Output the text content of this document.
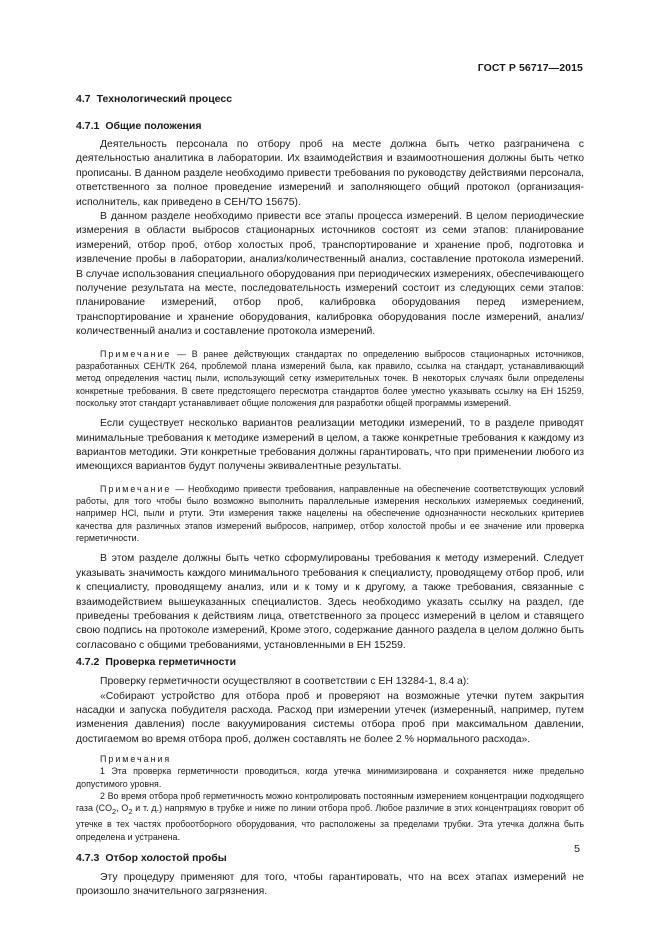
ГОСТ Р 56717—2015
4.7 Технологический процесс
4.7.1 Общие положения

Деятельность персонала по отбору проб на месте должна быть четко разграничена с деятельностью аналитика в лаборатории. Их взаимодействия и взаимоотношения должны быть четко прописаны. В данном разделе необходимо привести требования по руководству действиями персонала, ответственного за полное проведение измерений и заполняющего общий протокол (организация-исполнитель, как приведено в СЕН/ТО 15675).

В данном разделе необходимо привести все этапы процесса измерений. В целом периодические измерения в области выбросов стационарных источников состоят из семи этапов: планирование измерений, отбор проб, отбор холостых проб, транспортирование и хранение проб, подготовка и извлечение пробы в лаборатории, анализ/количественный анализ, составление протокола измерений. В случае использования специального оборудования при периодических измерениях, обеспечивающего получение результата на месте, последовательность измерений состоит из следующих семи этапов: планирование измерений, отбор проб, калибровка оборудования перед измерением, транспортирование и хранение оборудования, калибровка оборудования после измерений, анализ/количественный анализ и составление протокола измерений.

Примечание — В ранее действующих стандартах по определению выбросов стационарных источников, разработанных СЕН/ТК 264, проблемой плана измерений была, как правило, ссылка на стандарт, устанавливающий метод определения частиц пыли, использующий сетку измерительных точек. В некоторых случаях были определены конкретные требования. В свете предстоящего пересмотра стандартов более уместно указывать ссылку на ЕН 15259, поскольку этот стандарт устанавливает общие положения для разработки общей программы измерений.

Если существует несколько вариантов реализации методики измерений, то в разделе приводят минимальные требования к методике измерений в целом, а также конкретные требования к каждому из вариантов методики. Эти конкретные требования должны гарантировать, что при применении любого из имеющихся вариантов будут получены эквивалентные результаты.

Примечание — Необходимо привести требования, направленные на обеспечение соответствующих условий работы, для того чтобы было возможно выполнить параллельные измерения нескольких измеряемых соединений, например HCl, пыли и ртути. Эти измерения также нацелены на обеспечение однозначности нескольких критериев качества для различных этапов измерений выбросов, например, отбор холостой пробы и ее значение или проверка герметичности.

В этом разделе должны быть четко сформулированы требования к методу измерений. Следует указывать значимость каждого минимального требования к специалисту, проводящему отбор проб, или к специалисту, проводящему анализ, или и к тому и к другому, а также требования, связанные с взаимодействием вышеуказанных специалистов. Здесь необходимо указать ссылку на раздел, где приведены требования к действиям лица, ответственного за процесс измерений в целом и ставящего свою подпись на протоколе измерений, Кроме этого, содержание данного раздела в целом должно быть согласовано с общими требованиями, установленными в ЕН 15259.

4.7.2 Проверка герметичности

Проверку герметичности осуществляют в соответствии с ЕН 13284-1, 8.4 а):

«Собирают устройство для отбора проб и проверяют на возможные утечки путем закрытия насадки и запуска побудителя расхода. Расход при измерении утечек (измеренный, например, путем изменения давления) после вакуумирования системы отбора проб при максимальном давлении, достигаемом во время отбора проб, должен составлять не более 2 % нормального расхода».

Примечания

1 Эта проверка герметичности проводиться, когда утечка минимизирована и сохраняется ниже предельно допустимого уровня.

2 Во время отбора проб герметичность можно контролировать постоянным измерением концентрации подходящего газа ($CO_2$, $O_2$ и т. д.) напрямую в трубке и ниже по линии отбора проб. Любое различие в этих концентрациях говорит об утечке в тех частях пробоотборного оборудования, что расположены за пределами трубки. Эта утечка должна быть определена и устранена.

4.7.3 Отбор холостой пробы

Эту процедуру применяют для того, чтобы гарантировать, что на всех этапах измерений не произошло значительного загрязнения.

5
